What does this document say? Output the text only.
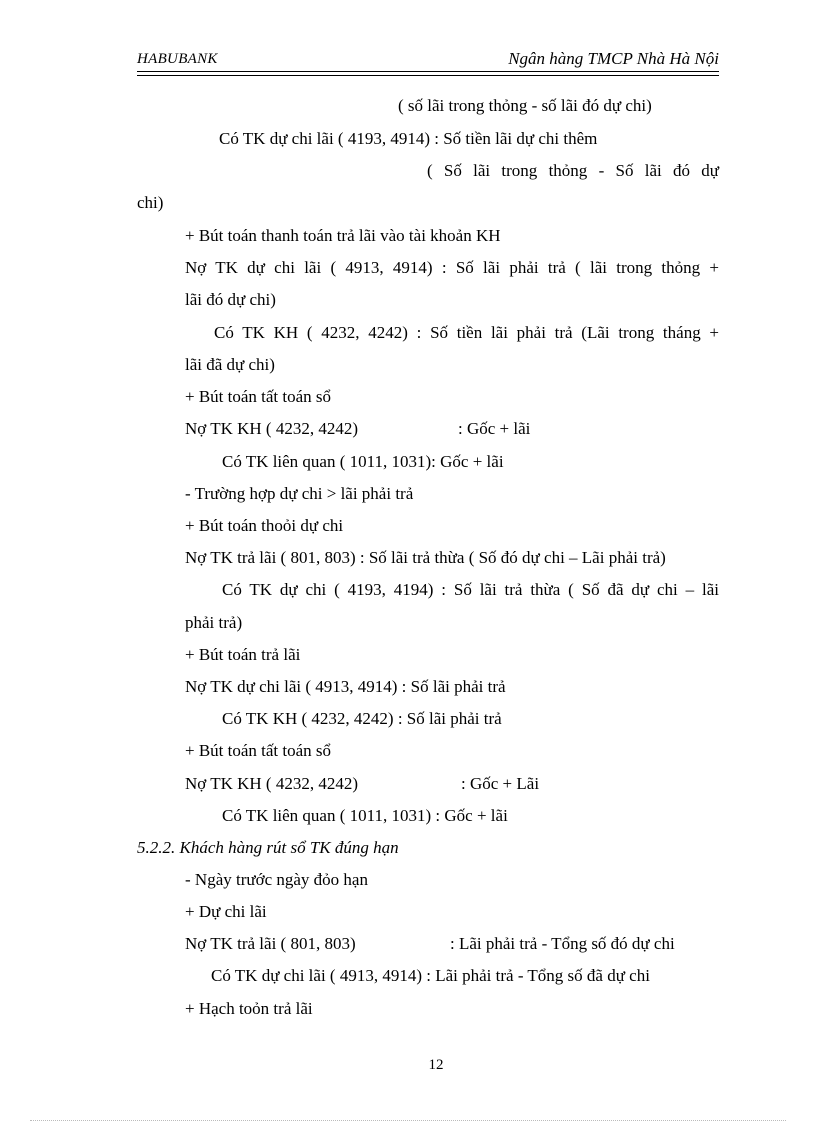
HABUBANK	Ngân hàng TMCP Nhà Hà Nội
( số lãi trong thỏng - số lãi đó dự chi)
Có TK dự chi lãi ( 4193, 4914) : Số tiền lãi dự chi thêm
( Số lãi trong thỏng - Số lãi đó dự
chi)
+ Bút toán thanh toán trả lãi vào tài khoản KH
Nợ TK dự chi lãi ( 4913, 4914) : Số lãi phải trả ( lãi trong thỏng +
lãi đó dự chi)
Có TK KH ( 4232, 4242) : Số tiền lãi phải trả (Lãi trong tháng +
lãi đã dự chi)
+ Bút toán tất toán sổ
Nợ TK KH ( 4232, 4242)	: Gốc + lãi
Có TK liên quan ( 1011, 1031): Gốc + lãi
- Trường hợp dự chi > lãi phải trả
+ Bút toán thoỏi dự chi
Nợ TK trả lãi ( 801, 803) : Số lãi trả thừa ( Số đó dự chi – Lãi phải trả)
Có TK dự chi ( 4193, 4194) : Số lãi trả thừa ( Số đã dự chi – lãi
phải trả)
+ Bút toán trả lãi
Nợ TK dự chi lãi ( 4913, 4914) : Số lãi phải trả
Có TK KH ( 4232, 4242) : Số lãi phải trả
+ Bút toán tất toán sổ
Nợ TK KH ( 4232, 4242)	: Gốc + Lãi
Có TK liên quan ( 1011, 1031) : Gốc + lãi
5.2.2. Khách hàng rút sổ TK đúng hạn
- Ngày trước ngày đỏo hạn
+ Dự chi lãi
Nợ TK trả lãi ( 801, 803)	: Lãi phải trả - Tổng số đó dự chi
Có TK dự chi lãi ( 4913, 4914) : Lãi phải trả - Tổng số đã dự chi
+ Hạch toỏn trả lãi
12
